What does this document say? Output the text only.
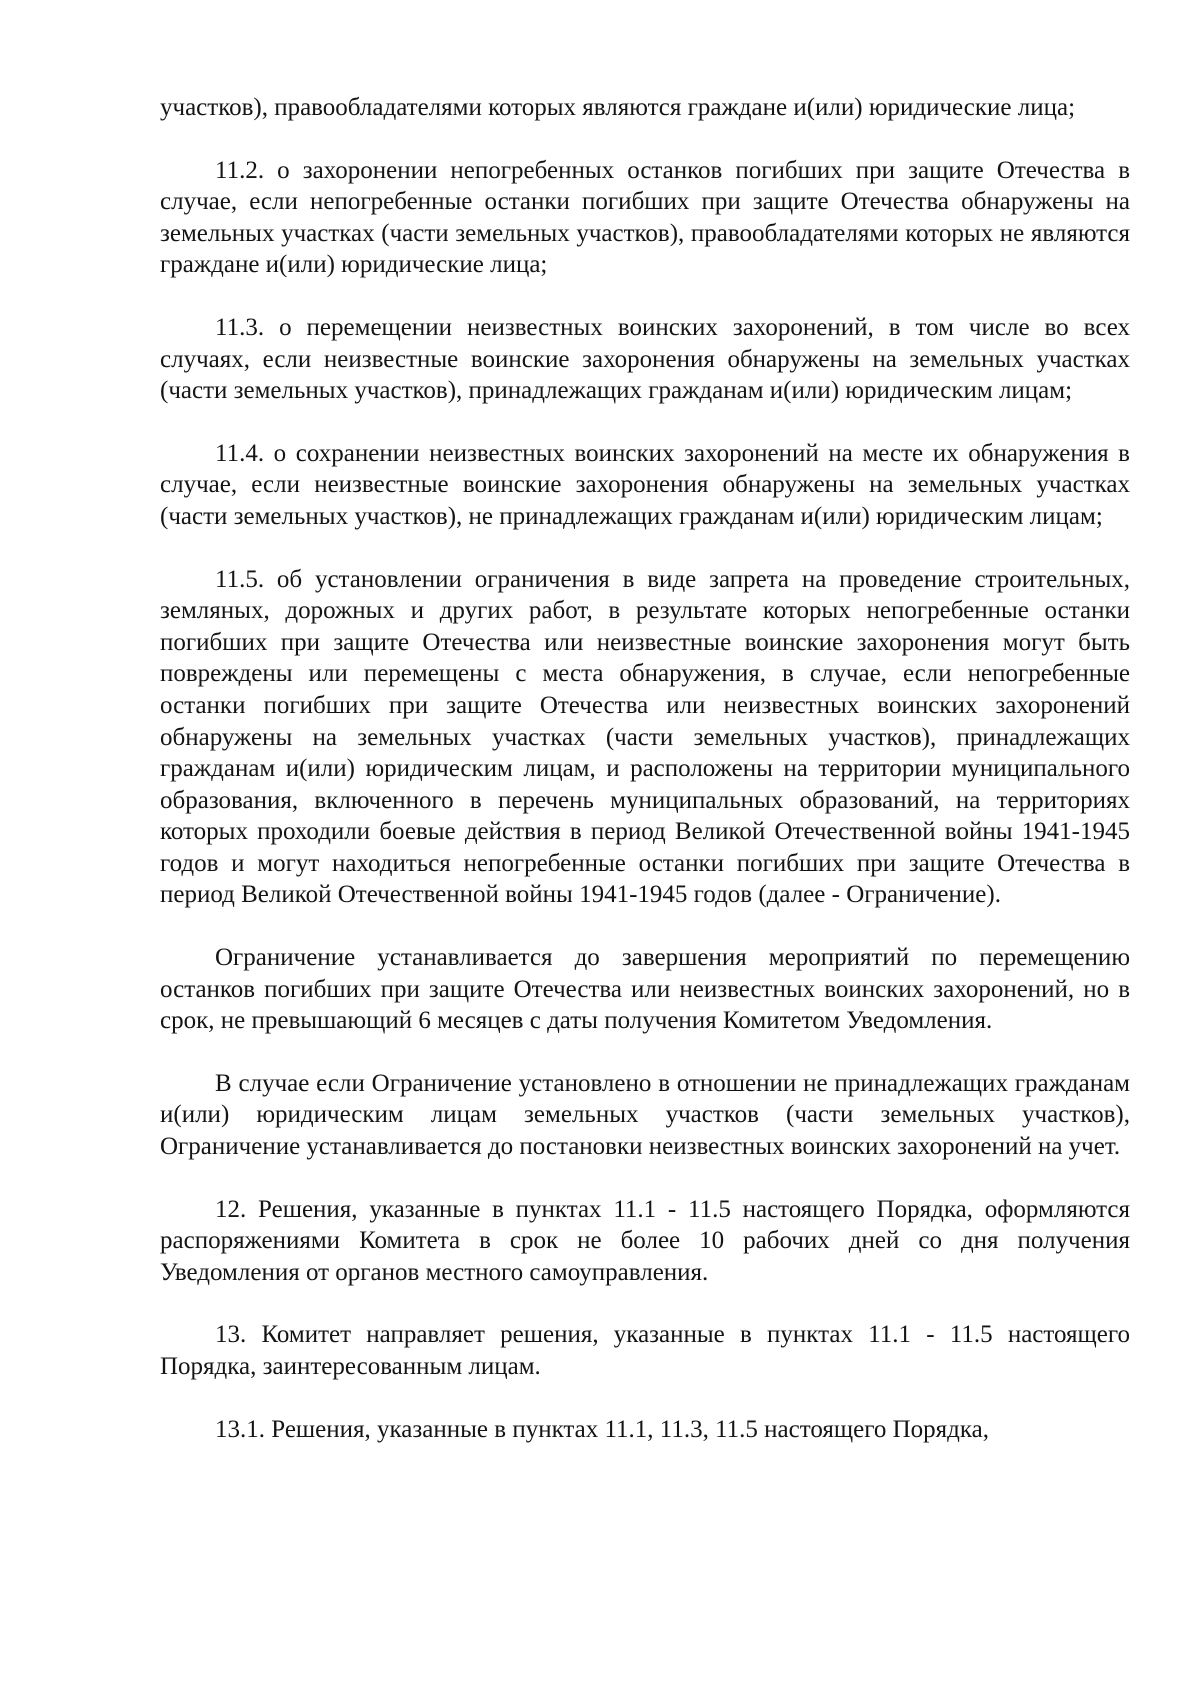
участков), правообладателями которых являются граждане и(или) юридические лица;

11.2. о захоронении непогребенных останков погибших при защите Отечества в случае, если непогребенные останки погибших при защите Отечества обнаружены на земельных участках (части земельных участков), правообладателями которых не являются граждане и(или) юридические лица;

11.3. о перемещении неизвестных воинских захоронений, в том числе во всех случаях, если неизвестные воинские захоронения обнаружены на земельных участках (части земельных участков), принадлежащих гражданам и(или) юридическим лицам;

11.4. о сохранении неизвестных воинских захоронений на месте их обнаружения в случае, если неизвестные воинские захоронения обнаружены на земельных участках (части земельных участков), не принадлежащих гражданам и(или) юридическим лицам;

11.5. об установлении ограничения в виде запрета на проведение строительных, земляных, дорожных и других работ, в результате которых непогребенные останки погибших при защите Отечества или неизвестные воинские захоронения могут быть повреждены или перемещены с места обнаружения, в случае, если непогребенные останки погибших при защите Отечества или неизвестных воинских захоронений обнаружены на земельных участках (части земельных участков), принадлежащих гражданам и(или) юридическим лицам, и расположены на территории муниципального образования, включенного в перечень муниципальных образований, на территориях которых проходили боевые действия в период Великой Отечественной войны 1941-1945 годов и могут находиться непогребенные останки погибших при защите Отечества в период Великой Отечественной войны 1941-1945 годов (далее - Ограничение).

Ограничение устанавливается до завершения мероприятий по перемещению останков погибших при защите Отечества или неизвестных воинских захоронений, но в срок, не превышающий 6 месяцев с даты получения Комитетом Уведомления.

В случае если Ограничение установлено в отношении не принадлежащих гражданам и(или) юридическим лицам земельных участков (части земельных участков), Ограничение устанавливается до постановки неизвестных воинских захоронений на учет.

12. Решения, указанные в пунктах 11.1 - 11.5 настоящего Порядка, оформляются распоряжениями Комитета в срок не более 10 рабочих дней со дня получения Уведомления от органов местного самоуправления.

13. Комитет направляет решения, указанные в пунктах 11.1 - 11.5 настоящего Порядка, заинтересованным лицам.

13.1. Решения, указанные в пунктах 11.1, 11.3, 11.5 настоящего Порядка,
